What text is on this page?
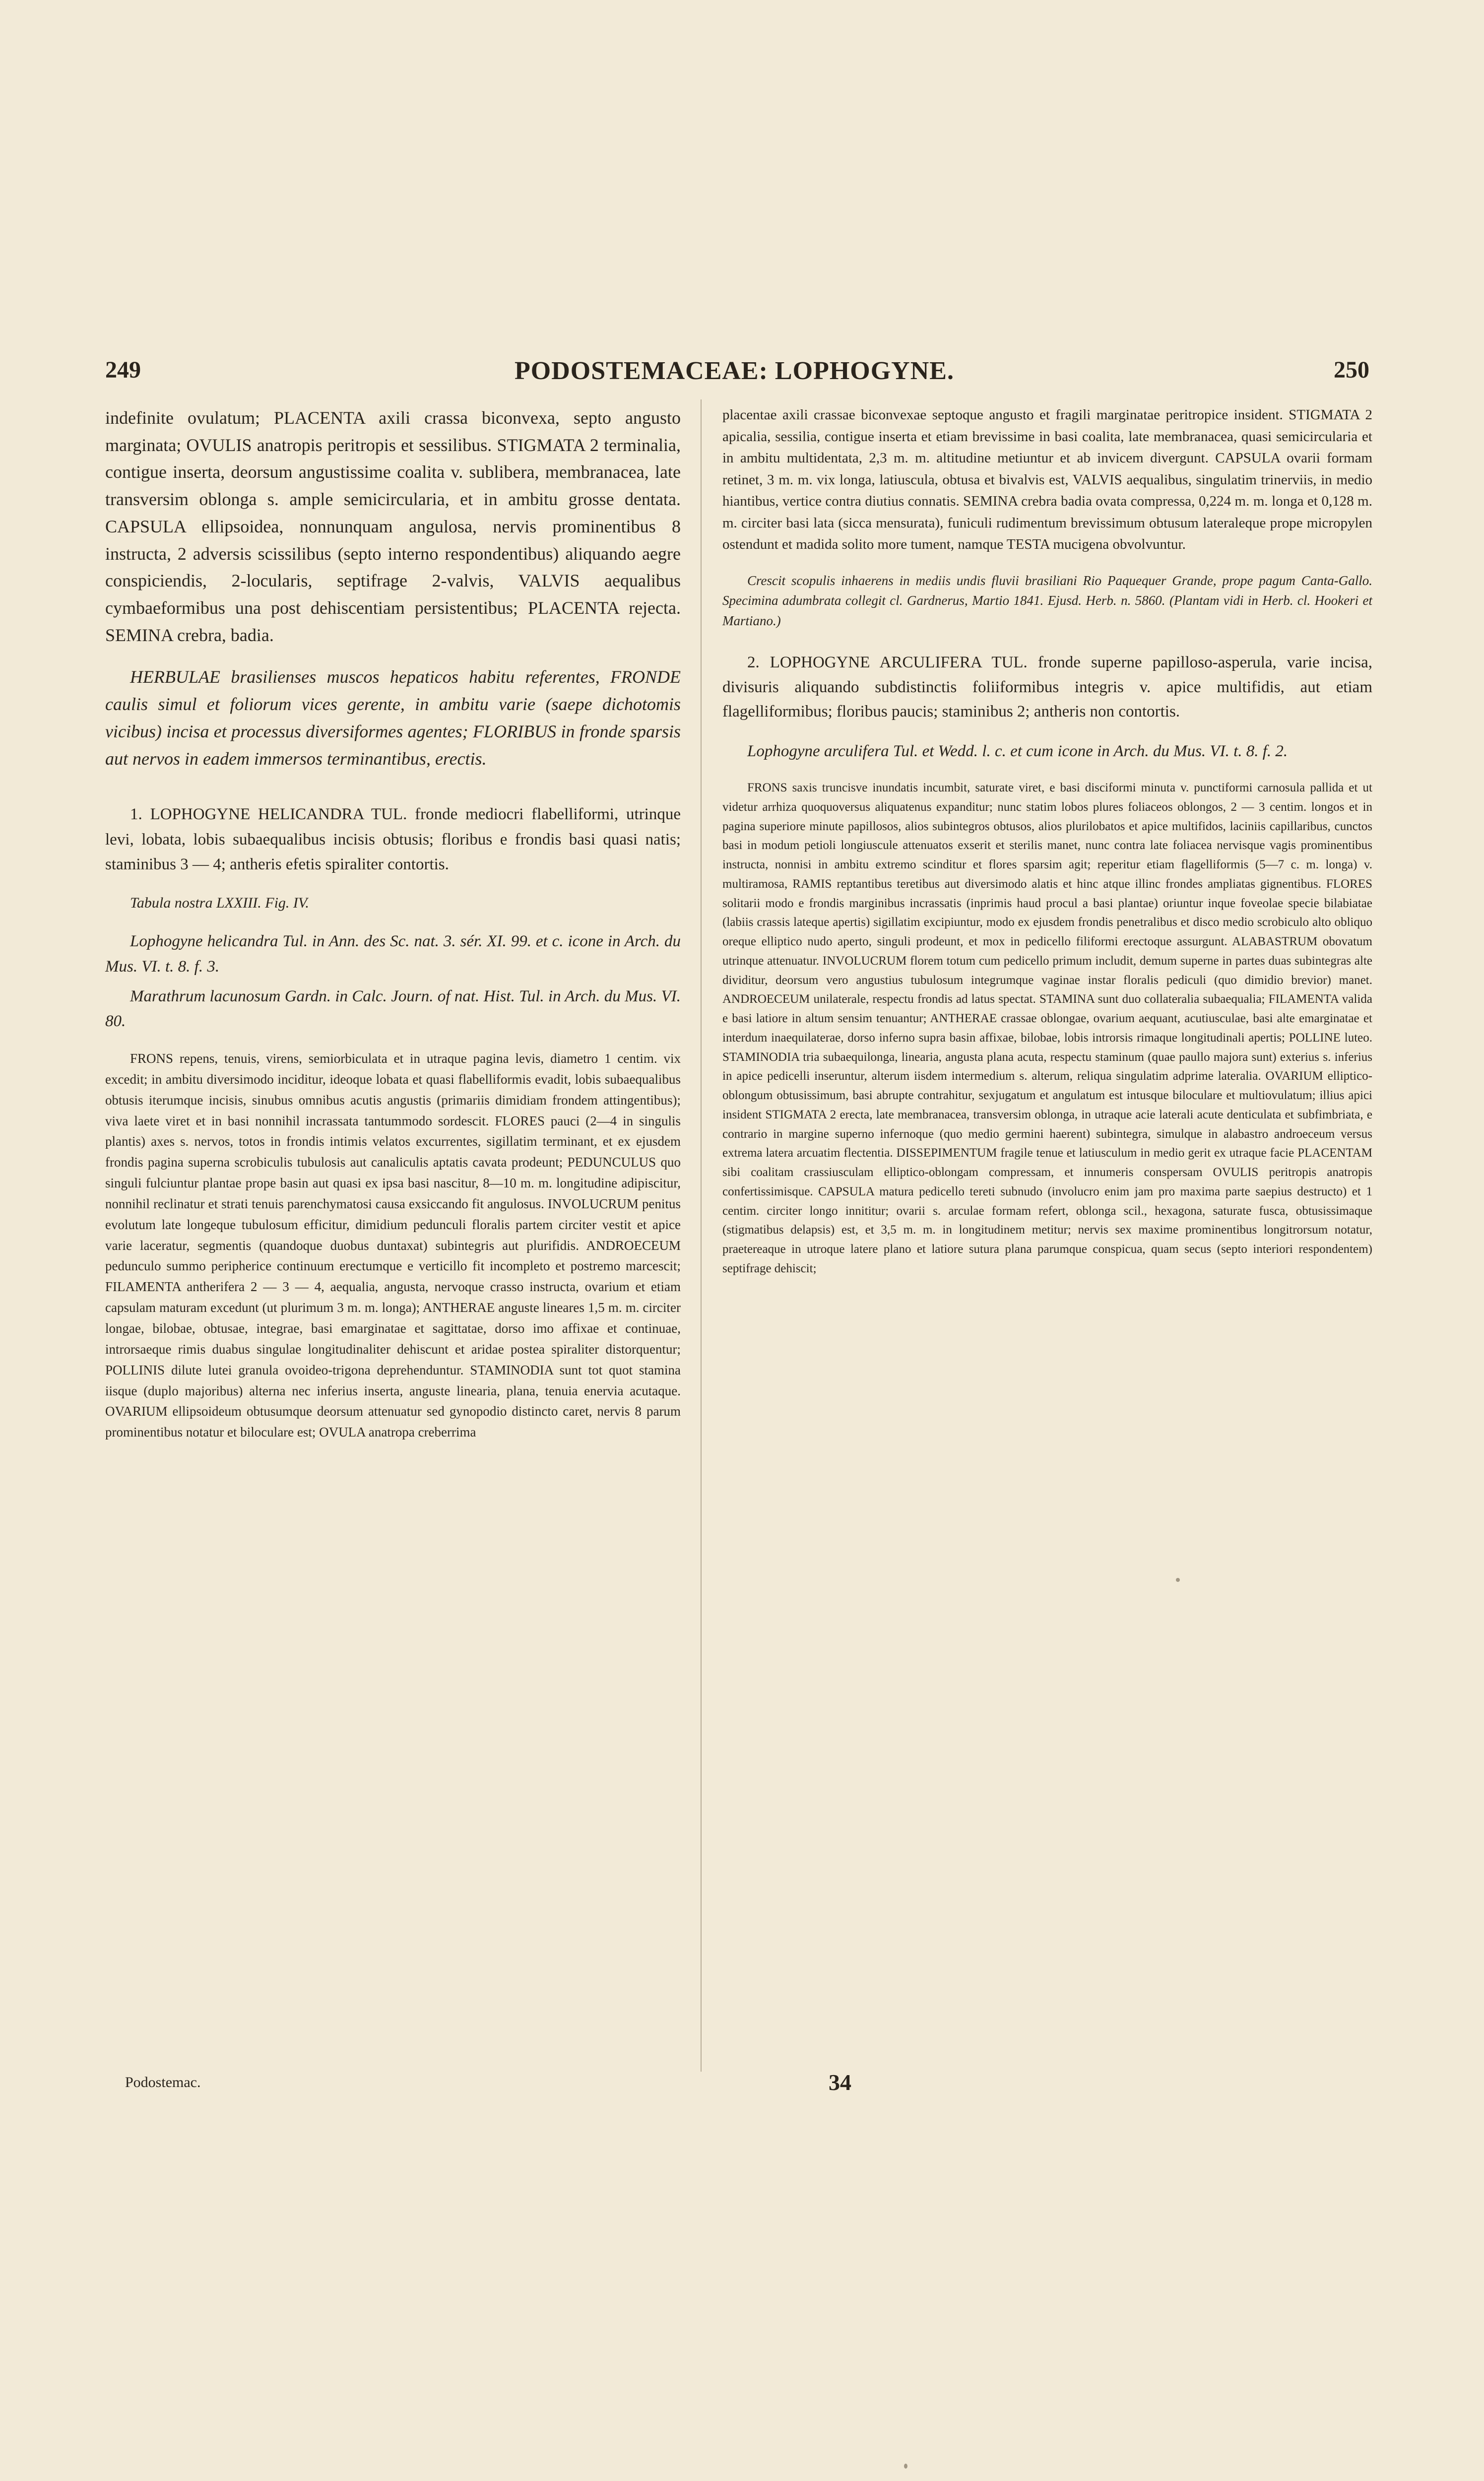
249	PODOSTEMACEAE: LOPHOGYNE.	250

indefinite ovulatum; PLACENTA axili crassa biconvexa, septo angusto marginata; OVULIS anatropis peritropis et sessilibus. STIGMATA 2 terminalia, contigue inserta, deorsum angustissime coalita v. sublibera, membranacea, late transversim oblonga s. ample semicircularia, et in ambitu grosse dentata. CAPSULA ellipsoidea, nonnunquam angulosa, nervis prominentibus 8 instructa, 2 adversis scissilibus (septo interno respondentibus) aliquando aegre conspiciendis, 2-locularis, septifrage 2-valvis, VALVIS aequalibus cymbaeformibus una post dehiscentiam persistentibus; PLACENTA rejecta. SEMINA crebra, badia.

HERBULAE brasilienses muscos hepaticos habitu referentes, FRONDE caulis simul et foliorum vices gerente, in ambitu varie (saepe dichotomis vicibus) incisa et processus diversiformes agentes; FLORIBUS in fronde sparsis aut nervos in eadem immersos terminantibus, erectis.

1. LOPHOGYNE HELICANDRA TUL. fronde mediocri flabelliformi, utrinque levi, lobata, lobis subaequalibus incisis obtusis; floribus e frondis basi quasi natis; staminibus 3 — 4; antheris efetis spiraliter contortis.

Tabula nostra LXXIII. Fig. IV.

Lophogyne helicandra Tul. in Ann. des Sc. nat. 3. sér. XI. 99. et c. icone in Arch. du Mus. VI. t. 8. f. 3.

Marathrum lacunosum Gardn. in Calc. Journ. of nat. Hist. Tul. in Arch. du Mus. VI. 80.

FRONS repens, tenuis, virens, semiorbiculata et in utraque pagina levis, diametro 1 centim. vix excedit; in ambitu diversimodo inciditur, ideoque lobata et quasi flabelliformis evadit, lobis subaequalibus obtusis iterumque incisis, sinubus omnibus acutis angustis (primariis dimidiam frondem attingentibus); viva laete viret et in basi nonnihil incrassata tantummodo sordescit. FLORES pauci (2—4 in singulis plantis) axes s. nervos, totos in frondis intimis velatos excurrentes, sigillatim terminant, et ex ejusdem frondis pagina superna scrobiculis tubulosis aut canaliculis aptatis cavata prodeunt; PEDUNCULUS quo singuli fulciuntur plantae prope basin aut quasi ex ipsa basi nascitur, 8—10 m. m. longitudine adipiscitur, nonnihil reclinatur et strati tenuis parenchymatosi causa exsiccando fit angulosus. INVOLUCRUM penitus evolutum late longeque tubulosum efficitur, dimidium pedunculi floralis partem circiter vestit et apice varie laceratur, segmentis (quandoque duobus duntaxat) subintegris aut plurifidis. ANDROECEUM pedunculo summo peripherice continuum erectumque e verticillo fit incompleto et postremo marcescit; FILAMENTA antherifera 2 — 3 — 4, aequalia, angusta, nervoque crasso instructa, ovarium et etiam capsulam maturam excedunt (ut plurimum 3 m. m. longa); ANTHERAE anguste lineares 1,5 m. m. circiter longae, bilobae, obtusae, integrae, basi emarginatae et sagittatae, dorso imo affixae et continuae, introrsaeque rimis duabus singulae longitudinaliter dehiscunt et aridae postea spiraliter distorquentur; POLLINIS dilute lutei granula ovoideo-trigona deprehenduntur. STAMINODIA sunt tot quot stamina iisque (duplo majoribus) alterna nec inferius inserta, anguste linearia, plana, tenuia enervia acutaque. OVARIUM ellipsoideum obtusumque deorsum attenuatur sed gynopodio distincto caret, nervis 8 parum prominentibus notatur et biloculare est; OVULA anatropa creberrima

placentae axili crassae biconvexae septoque angusto et fragili marginatae peritropice insident. STIGMATA 2 apicalia, sessilia, contigue inserta et etiam brevissime in basi coalita, late membranacea, quasi semicircularia et in ambitu multidentata, 2,3 m. m. altitudine metiuntur et ab invicem divergunt. CAPSULA ovarii formam retinet, 3 m. m. vix longa, latiuscula, obtusa et bivalvis est, VALVIS aequalibus, singulatim trinerviis, in medio hiantibus, vertice contra diutius connatis. SEMINA crebra badia ovata compressa, 0,224 m. m. longa et 0,128 m. m. circiter basi lata (sicca mensurata), funiculi rudimentum brevissimum obtusum lateraleque prope micropylen ostendunt et madida solito more tument, namque TESTA mucigena obvolvuntur.

Crescit scopulis inhaerens in mediis undis fluvii brasiliani Rio Paquequer Grande, prope pagum Canta-Gallo. Specimina adumbrata collegit cl. Gardnerus, Martio 1841. Ejusd. Herb. n. 5860. (Plantam vidi in Herb. cl. Hookeri et Martiano.)

2. LOPHOGYNE ARCULIFERA TUL. fronde superne papilloso-asperula, varie incisa, divisuris aliquando subdistinctis foliiformibus integris v. apice multifidis, aut etiam flagelliformibus; floribus paucis; staminibus 2; antheris non contortis.

Lophogyne arculifera Tul. et Wedd. l. c. et cum icone in Arch. du Mus. VI. t. 8. f. 2.

FRONS saxis truncisve inundatis incumbit, saturate viret, e basi disciformi minuta v. punctiformi carnosula pallida et ut videtur arrhiza quoquoversus aliquatenus expanditur; nunc statim lobos plures foliaceos oblongos, 2 — 3 centim. longos et in pagina superiore minute papillosos, alios subintegros obtusos, alios plurilobatos et apice multifidos, laciniis capillaribus, cunctos basi in modum petioli longiuscule attenuatos exserit et sterilis manet, nunc contra late foliacea nervisque vagis prominentibus instructa, nonnisi in ambitu extremo scinditur et flores sparsim agit; reperitur etiam flagelliformis (5—7 c. m. longa) v. multiramosa, RAMIS reptantibus teretibus aut diversimodo alatis et hinc atque illinc frondes ampliatas gignentibus. FLORES solitarii modo e frondis marginibus incrassatis (inprimis haud procul a basi plantae) oriuntur inque foveolae specie bilabiatae (labiis crassis lateque apertis) sigillatim excipiuntur, modo ex ejusdem frondis penetralibus et disco medio scrobiculo alto obliquo oreque elliptico nudo aperto, singuli prodeunt, et mox in pedicello filiformi erectoque assurgunt. ALABASTRUM obovatum utrinque attenuatur. INVOLUCRUM florem totum cum pedicello primum includit, demum superne in partes duas subintegras alte dividitur, deorsum vero angustius tubulosum integrumque vaginae instar floralis pediculi (quo dimidio brevior) manet. ANDROECEUM unilaterale, respectu frondis ad latus spectat. STAMINA sunt duo collateralia subaequalia; FILAMENTA valida e basi latiore in altum sensim tenuantur; ANTHERAE crassae oblongae, ovarium aequant, acutiusculae, basi alte emarginatae et interdum inaequilaterae, dorso inferno supra basin affixae, bilobae, lobis introrsis rimaque longitudinali apertis; POLLINE luteo. STAMINODIA tria subaequilonga, linearia, angusta plana acuta, respectu staminum (quae paullo majora sunt) exterius s. inferius in apice pedicelli inseruntur, alterum iisdem intermedium s. alterum, reliqua singulatim adprime lateralia. OVARIUM elliptico-oblongum obtusissimum, basi abrupte contrahitur, sexjugatum et angulatum est intusque biloculare et multiovulatum; illius apici insident STIGMATA 2 erecta, late membranacea, transversim oblonga, in utraque acie laterali acute denticulata et subfimbriata, e contrario in margine superno infernoque (quo medio germini haerent) subintegra, simulque in alabastro androeceum versus extrema latera arcuatim flectentia. DISSEPIMENTUM fragile tenue et latiusculum in medio gerit ex utraque facie PLACENTAM sibi coalitam crassiusculam elliptico-oblongam compressam, et innumeris conspersam OVULIS peritropis anatropis confertissimisque. CAPSULA matura pedicello tereti subnudo (involucro enim jam pro maxima parte saepius destructo) et 1 centim. circiter longo innititur; ovarii s. arculae formam refert, oblonga scil., hexagona, saturate fusca, obtusissimaque (stigmatibus delapsis) est, et 3,5 m. m. in longitudinem metitur; nervis sex maxime prominentibus longitrorsum notatur, praetereaque in utroque latere plano et latiore sutura plana parumque conspicua, quam secus (septo interiori respondentem) septifrage dehiscit;

Podostemac.	34
